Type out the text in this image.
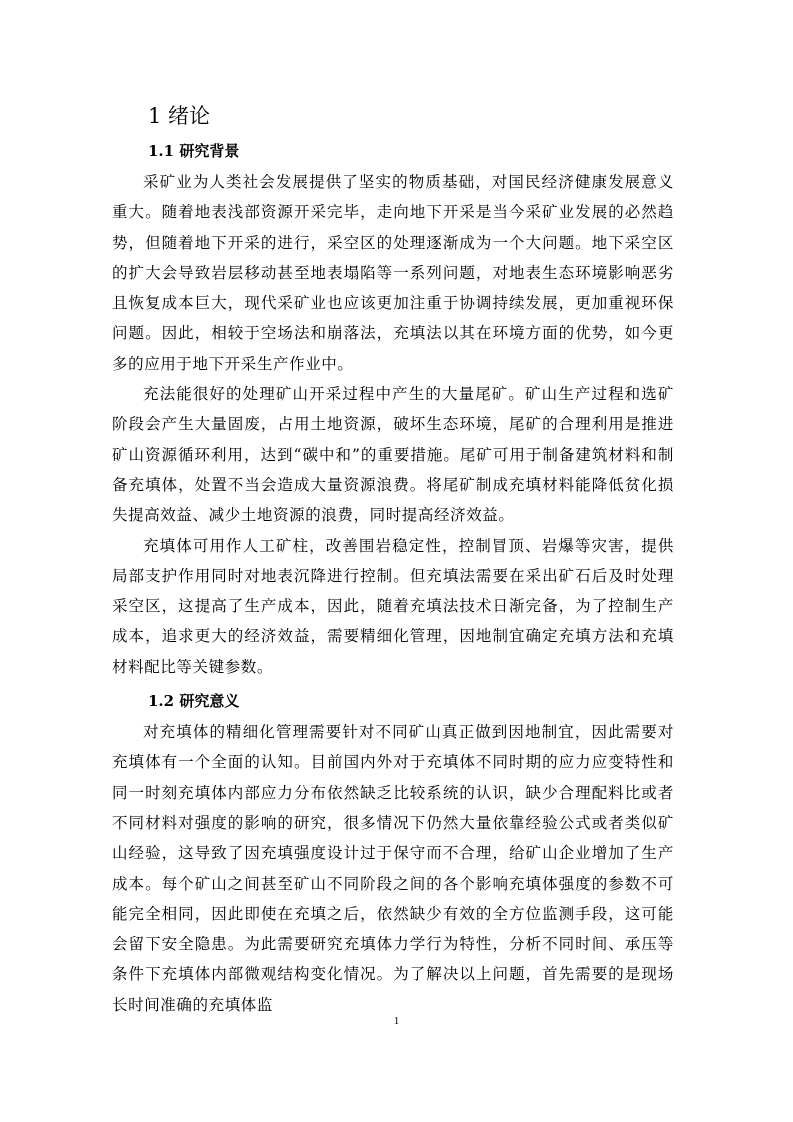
1 绪论
1.1 研究背景

采矿业为人类社会发展提供了坚实的物质基础，对国民经济健康发展意义重大。随着地表浅部资源开采完毕，走向地下开采是当今采矿业发展的必然趋势，但随着地下开采的进行，采空区的处理逐渐成为一个大问题。地下采空区的扩大会导致岩层移动甚至地表塌陷等一系列问题，对地表生态环境影响恶劣且恢复成本巨大，现代采矿业也应该更加注重于协调持续发展，更加重视环保问题。因此，相较于空场法和崩落法，充填法以其在环境方面的优势，如今更多的应用于地下开采生产作业中。

充法能很好的处理矿山开采过程中产生的大量尾矿。矿山生产过程和选矿阶段会产生大量固废，占用土地资源，破坏生态环境，尾矿的合理利用是推进矿山资源循环利用，达到“碳中和”的重要措施。尾矿可用于制备建筑材料和制备充填体，处置不当会造成大量资源浪费。将尾矿制成充填材料能降低贫化损失提高效益、减少土地资源的浪费，同时提高经济效益。

充填体可用作人工矿柱，改善围岩稳定性，控制冒顶、岩爆等灾害，提供局部支护作用同时对地表沉降进行控制。但充填法需要在采出矿石后及时处理采空区，这提高了生产成本，因此，随着充填法技术日渐完备，为了控制生产成本，追求更大的经济效益，需要精细化管理，因地制宜确定充填方法和充填材料配比等关键参数。

1.2 研究意义

对充填体的精细化管理需要针对不同矿山真正做到因地制宜，因此需要对充填体有一个全面的认知。目前国内外对于充填体不同时期的应力应变特性和同一时刻充填体内部应力分布依然缺乏比较系统的认识，缺少合理配料比或者不同材料对强度的影响的研究，很多情况下仍然大量依靠经验公式或者类似矿山经验，这导致了因充填强度设计过于保守而不合理，给矿山企业增加了生产成本。每个矿山之间甚至矿山不同阶段之间的各个影响充填体强度的参数不可能完全相同，因此即使在充填之后，依然缺少有效的全方位监测手段，这可能会留下安全隐患。为此需要研究充填体力学行为特性，分析不同时间、承压等条件下充填体内部微观结构变化情况。为了解决以上问题，首先需要的是现场长时间准确的充填体监

1
